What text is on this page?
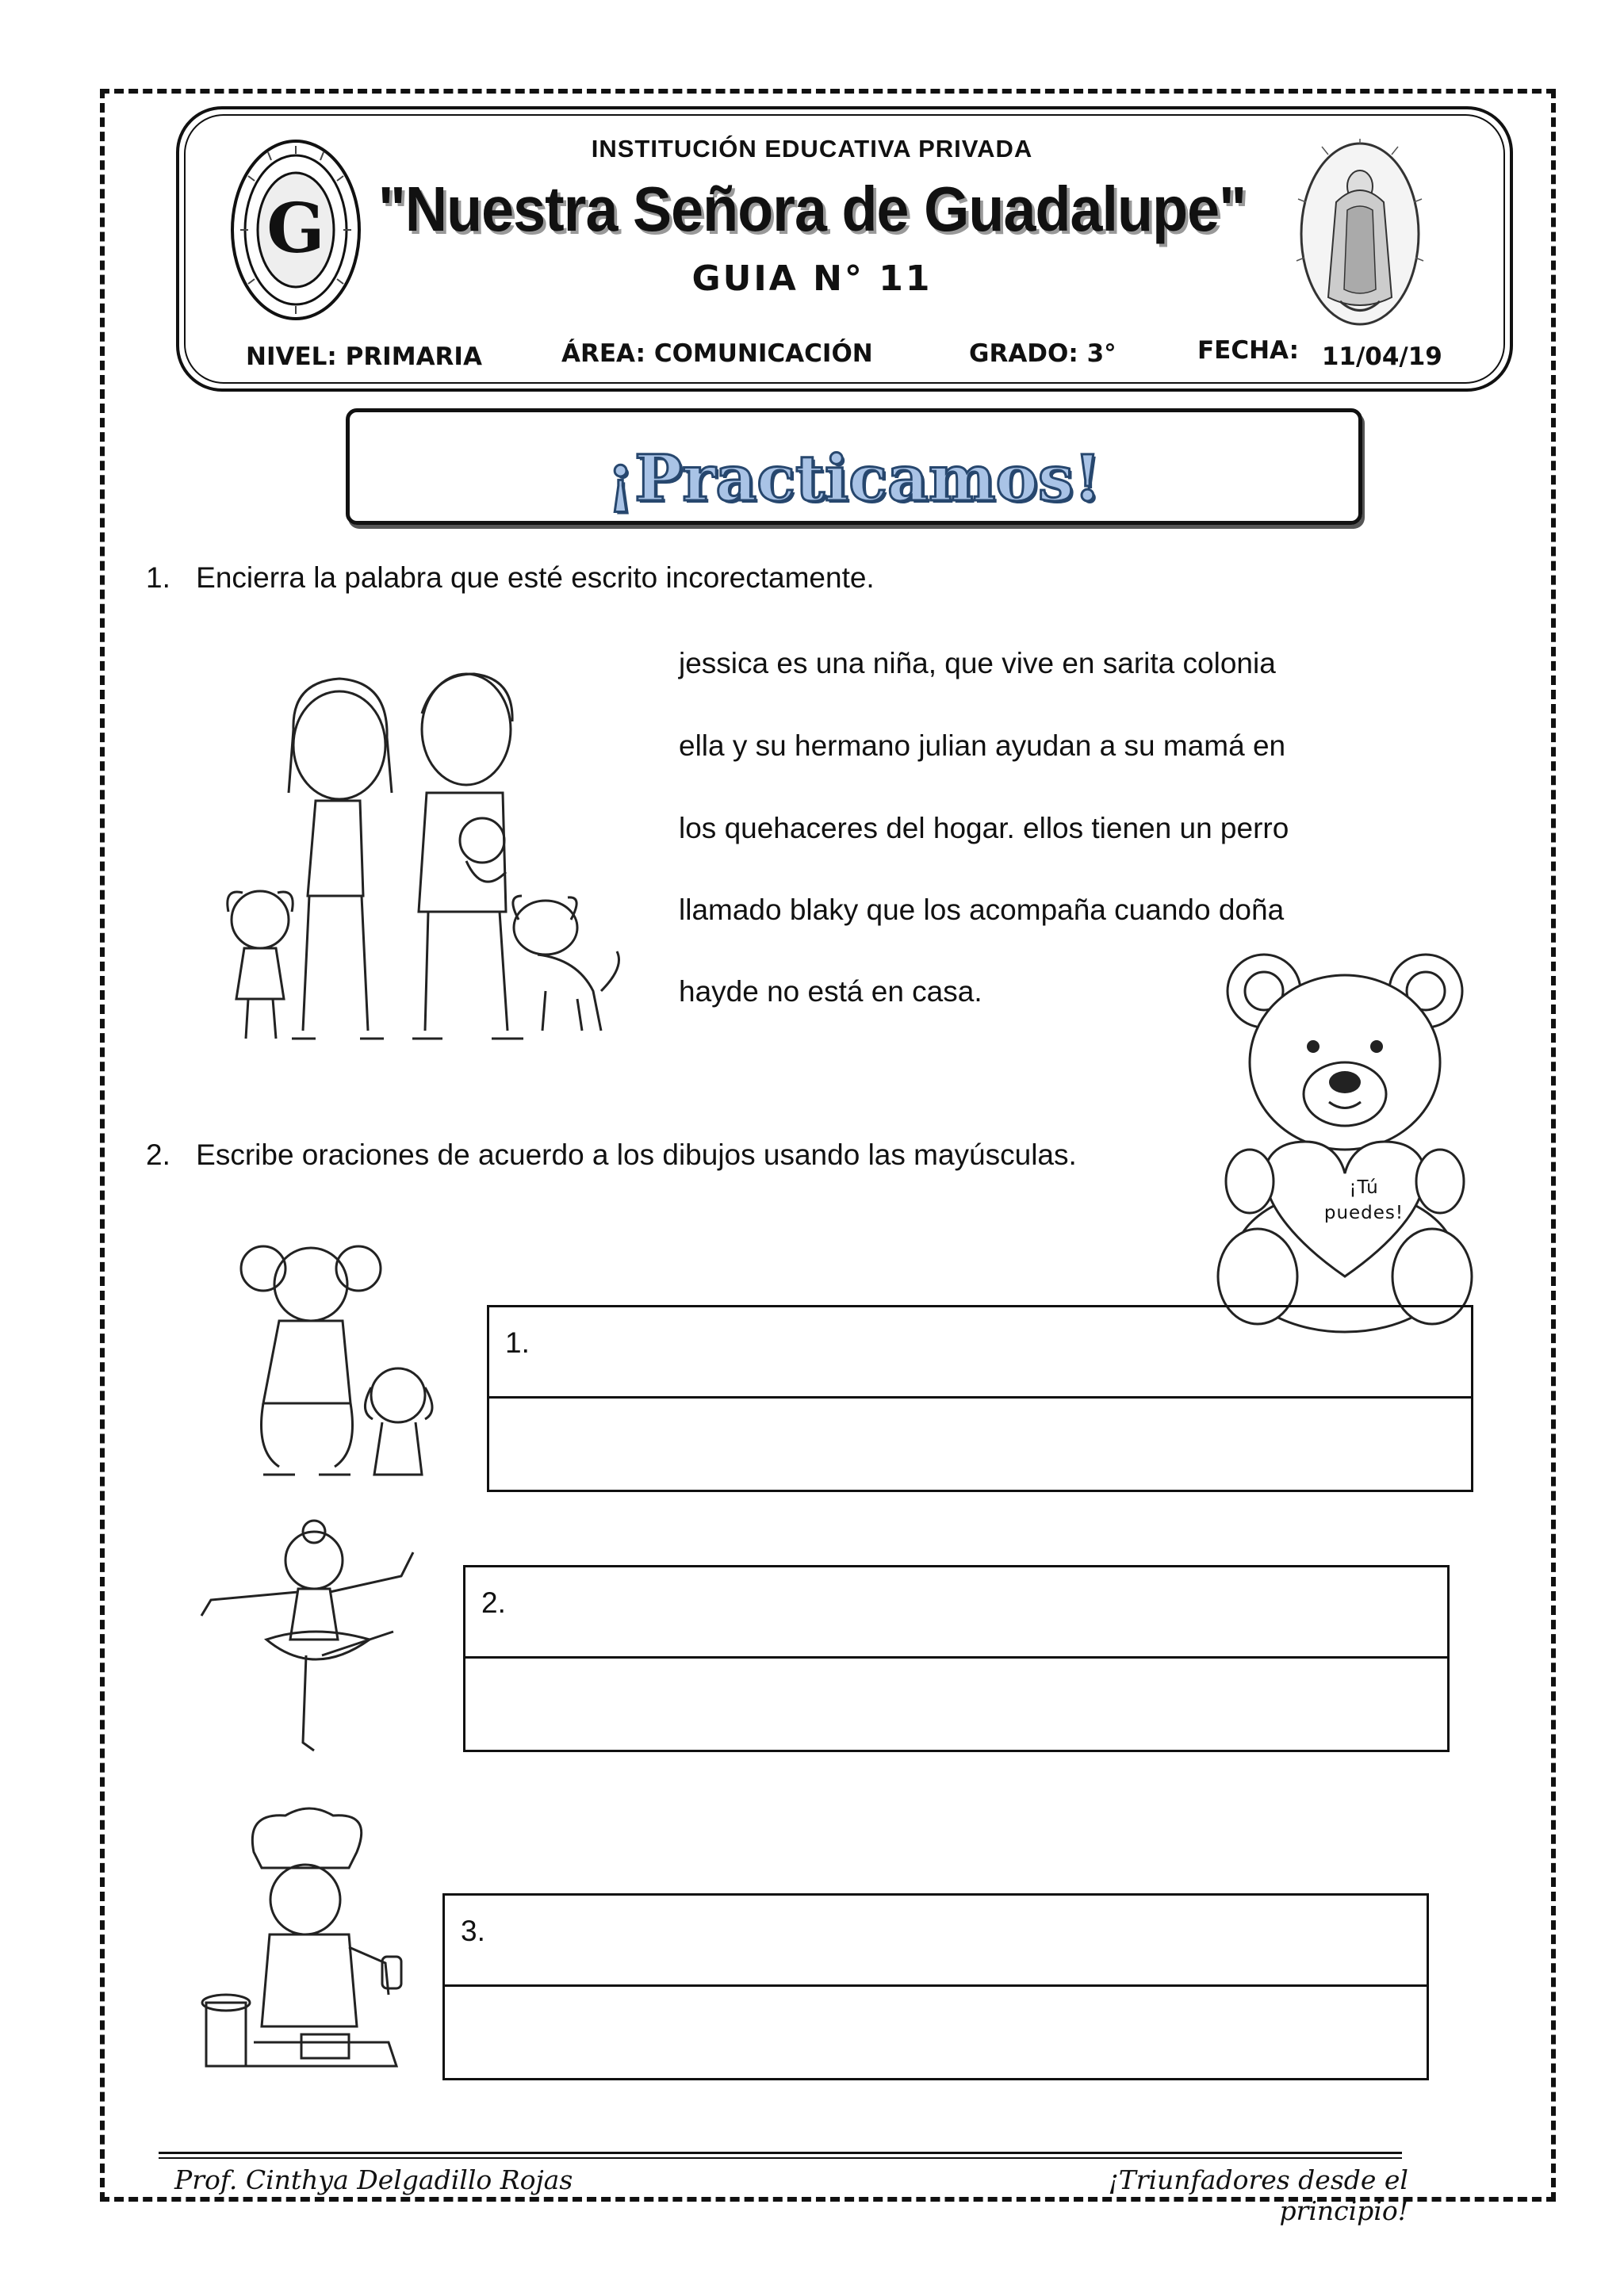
G
INSTITUCIÓN EDUCATIVA PRIVADA
"Nuestra Señora de Guadalupe"
GUIA N° 11
NIVEL: PRIMARIA	ÁREA: COMUNICACIÓN	GRADO: 3°	FECHA: 11/04/19
¡Practicamos!
1. Encierra la palabra que esté escrito incorectamente.
jessica es una niña, que vive en sarita colonia
ella y su hermano julian ayudan a su mamá en
los quehaceres del hogar. ellos tienen un perro
llamado blaky que los acompaña cuando doña
hayde no está en casa.
¡Tú
puedes!
2. Escribe oraciones de acuerdo a los dibujos usando las mayúsculas.
1.
2.
3.
Prof. Cinthya Delgadillo Rojas	¡Triunfadores desde el principio!
